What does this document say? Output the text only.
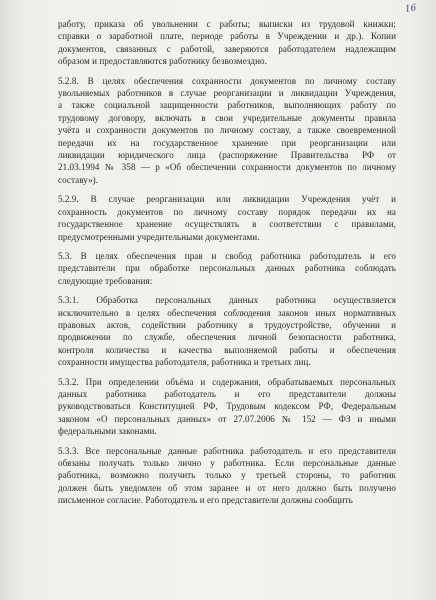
16
работу, приказа об увольнении с работы; выписки из трудовой книжки;
справки о заработной плате, периоде работы в Учреждении и др.). Копии
документов, связанных с работой, заверяются работодателем надлежащим
образом и предоставляются работнику безвозмездно.
5.2.8. В целях обеспечения сохранности документов по личному составу
увольняемых работников в случае реорганизации и ликвидации Учреждения,
а также социальной защищенности работников, выполняющих работу по
трудовому договору, включать в свои учредительные документы правила
учёта и сохранности документов по личному составу, а также своевременной
передачи их на государственное хранение при реорганизации или
ликвидации юридического лица (распоряжение Правительства РФ от
21.03.1994 № 358 — р «Об обеспечении сохранности документов по личному
составу»).
5.2.9. В случае реорганизации или ликвидации Учреждения учёт и
сохранность документов по личному составу порядок передачи их на
государственное хранение осуществлять в соответствии с правилами,
предусмотренными учредительными документами.
5.3. В целях обеспечения прав и свобод работника работодатель и его
представители при обработке персональных данных работника соблюдать
следующие требования:
5.3.1. Обработка персональных данных работника осуществляется
исключительно в целях обеспечения соблюдения законов иных нормативных
правовых актов, содействии работнику в трудоустройстве, обучении и
продвижении по службе, обеспечения личной безопасности работника,
контроля количества и качества выполняемой работы и обеспечения
сохранности имущества работодателя, работника и третьих лиц.
5.3.2. При определении объёма и содержания, обрабатываемых персональных
данных работника работодатель и его представители должны
руководствоваться Конституцией РФ, Трудовым кодексом РФ, Федеральным
законом «О персональных данных» от 27.07.2006 № 152 — ФЗ и иными
федеральными законами.
5.3.3. Все персональные данные работника работодатель и его представители
обязаны получать только лично у работника. Если персональные данные
работника, возможно получить только у третьей стороны, то работник
должен быть уведомлен об этом заранее и от него должно быть получено
письменное согласие. Работодатель и его представители должны сообщить
